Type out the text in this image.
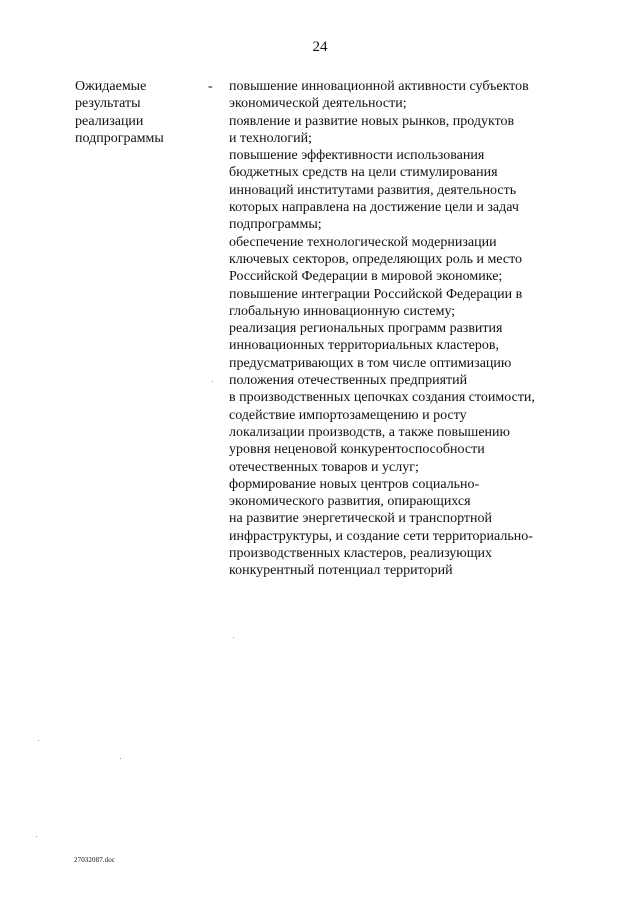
24
Ожидаемые
результаты
реализации
подпрограммы
- повышение инновационной активности субъектов
экономической деятельности;
появление и развитие новых рынков, продуктов
и технологий;
повышение эффективности использования
бюджетных средств на цели стимулирования
инноваций институтами развития, деятельность
которых направлена на достижение цели и задач
подпрограммы;
обеспечение технологической модернизации
ключевых секторов, определяющих роль и место
Российской Федерации в мировой экономике;
повышение интеграции Российской Федерации в
глобальную инновационную систему;
реализация региональных программ развития
инновационных территориальных кластеров,
предусматривающих в том числе оптимизацию
положения отечественных предприятий
в производственных цепочках создания стоимости,
содействие импортозамещению и росту
локализации производств, а также повышению
уровня неценовой конкурентоспособности
отечественных товаров и услуг;
формирование новых центров социально-
экономического развития, опирающихся
на развитие энергетической и транспортной
инфраструктуры, и создание сети территориально-
производственных кластеров, реализующих
конкурентный потенциал территорий
27032087.doc
